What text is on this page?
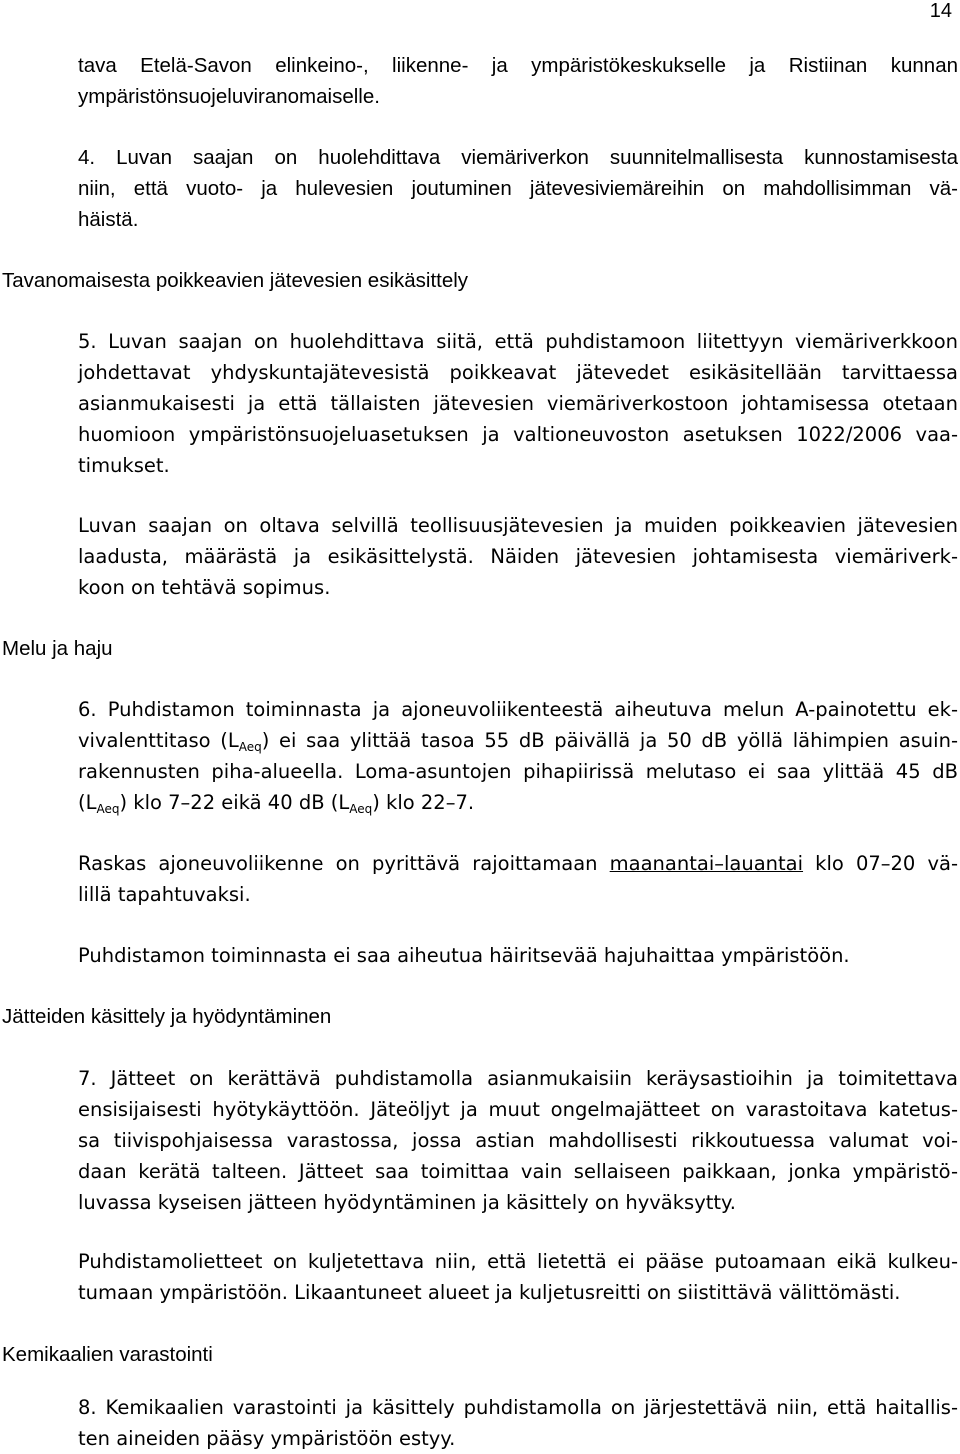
14
tava Etelä-Savon elinkeino-, liikenne- ja ympäristökeskukselle ja Ristiinan kunnan
ympäristönsuojeluviranomaiselle.
4. Luvan saajan on huolehdittava viemäriverkon suunnitelmallisesta kunnostamisesta
niin, että vuoto- ja hulevesien joutuminen jätevesiviemäreihin on mahdollisimman vä-
häistä.
Tavanomaisesta poikkeavien jätevesien esikäsittely
5. Luvan saajan on huolehdittava siitä, että puhdistamoon liitettyyn viemäriverkkoon
johdettavat yhdyskuntajätevesistä poikkeavat jätevedet esikäsitellään tarvittaessa
asianmukaisesti ja että tällaisten jätevesien viemäriverkostoon johtamisessa otetaan
huomioon ympäristönsuojeluasetuksen ja valtioneuvoston asetuksen 1022/2006 vaa-
timukset.
Luvan saajan on oltava selvillä teollisuusjätevesien ja muiden poikkeavien jätevesien
laadusta, määrästä ja esikäsittelystä. Näiden jätevesien johtamisesta viemäriverk-
koon on tehtävä sopimus.
Melu ja haju
6. Puhdistamon toiminnasta ja ajoneuvoliikenteestä aiheutuva melun A-painotettu ek-
vivalenttitaso $(L_{Aeq})$ ei saa ylittää tasoa 55 dB päivällä ja 50 dB yöllä lähimpien asuin-
rakennusten piha-alueella. Loma-asuntojen pihapiirissä melutaso ei saa ylittää 45 dB
$(L_{Aeq})$ klo 7–22 eikä 40 dB $(L_{Aeq})$ klo 22–7.
Raskas ajoneuvoliikenne on pyrittävä rajoittamaan maanantai–lauantai klo 07–20 vä-
lillä tapahtuvaksi.
Puhdistamon toiminnasta ei saa aiheutua häiritsevää hajuhaittaa ympäristöön.
Jätteiden käsittely ja hyödyntäminen
7. Jätteet on kerättävä puhdistamolla asianmukaisiin keräysastioihin ja toimitettava
ensisijaisesti hyötykäyttöön. Jäteöljyt ja muut ongelmajätteet on varastoitava katetus-
sa tiivispohjaisessa varastossa, jossa astian mahdollisesti rikkoutuessa valumat voi-
daan kerätä talteen. Jätteet saa toimittaa vain sellaiseen paikkaan, jonka ympäristö-
luvassa kyseisen jätteen hyödyntäminen ja käsittely on hyväksytty.
Puhdistamolietteet on kuljetettava niin, että lietettä ei pääse putoamaan eikä kulkeu-
tumaan ympäristöön. Likaantuneet alueet ja kuljetusreitti on siistittävä välittömästi.
Kemikaalien varastointi
8. Kemikaalien varastointi ja käsittely puhdistamolla on järjestettävä niin, että haitallis-
ten aineiden pääsy ympäristöön estyy.
